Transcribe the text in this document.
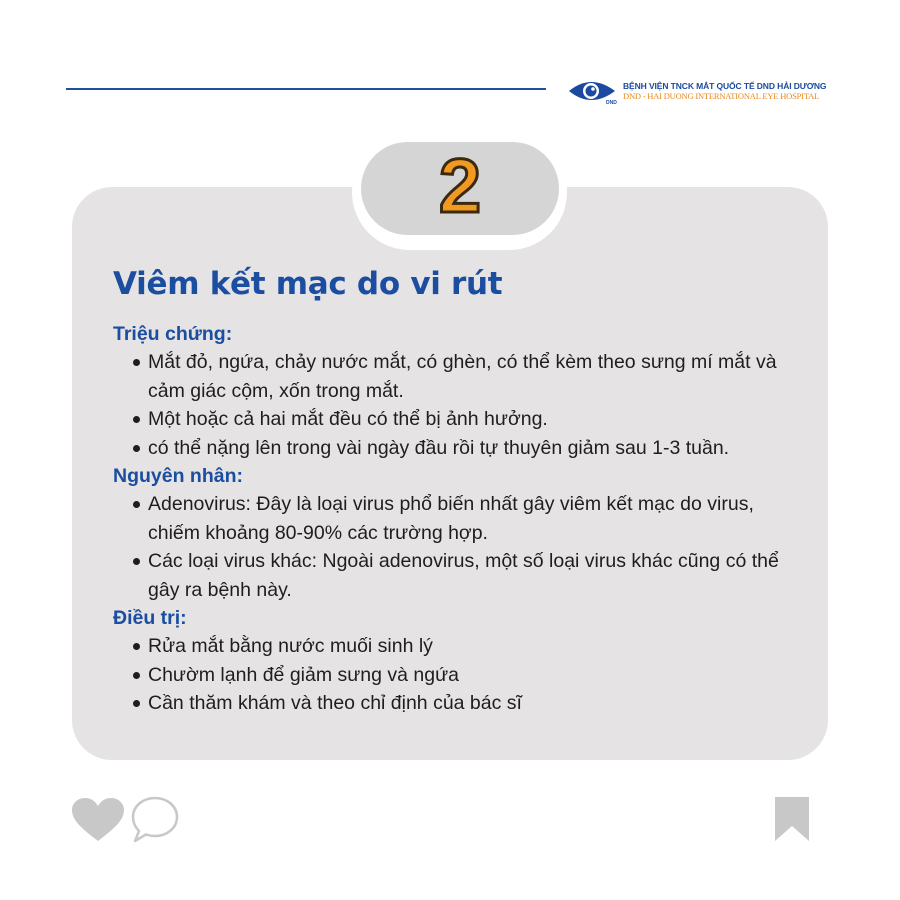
DND
BỆNH VIỆN TNCK MẮT QUỐC TẾ DND HẢI DƯƠNG
DND - HAI DUONG INTERNATIONAL EYE HOSPITAL
2
Viêm kết mạc do vi rút

Triệu chứng:

Mắt đỏ, ngứa, chảy nước mắt, có ghèn, có thể kèm theo sưng mí mắt và cảm giác cộm, xốn trong mắt.
Một hoặc cả hai mắt đều có thể bị ảnh hưởng.
có thể nặng lên trong vài ngày đầu rồi tự thuyên giảm sau 1-3 tuần.

Nguyên nhân:

Adenovirus: Đây là loại virus phổ biến nhất gây viêm kết mạc do virus, chiếm khoảng 80-90% các trường hợp.
Các loại virus khác: Ngoài adenovirus, một số loại virus khác cũng có thể gây ra bệnh này.

Điều trị:

Rửa mắt bằng nước muối sinh lý
Chườm lạnh để giảm sưng và ngứa
Cần thăm khám và theo chỉ định của bác sĩ
